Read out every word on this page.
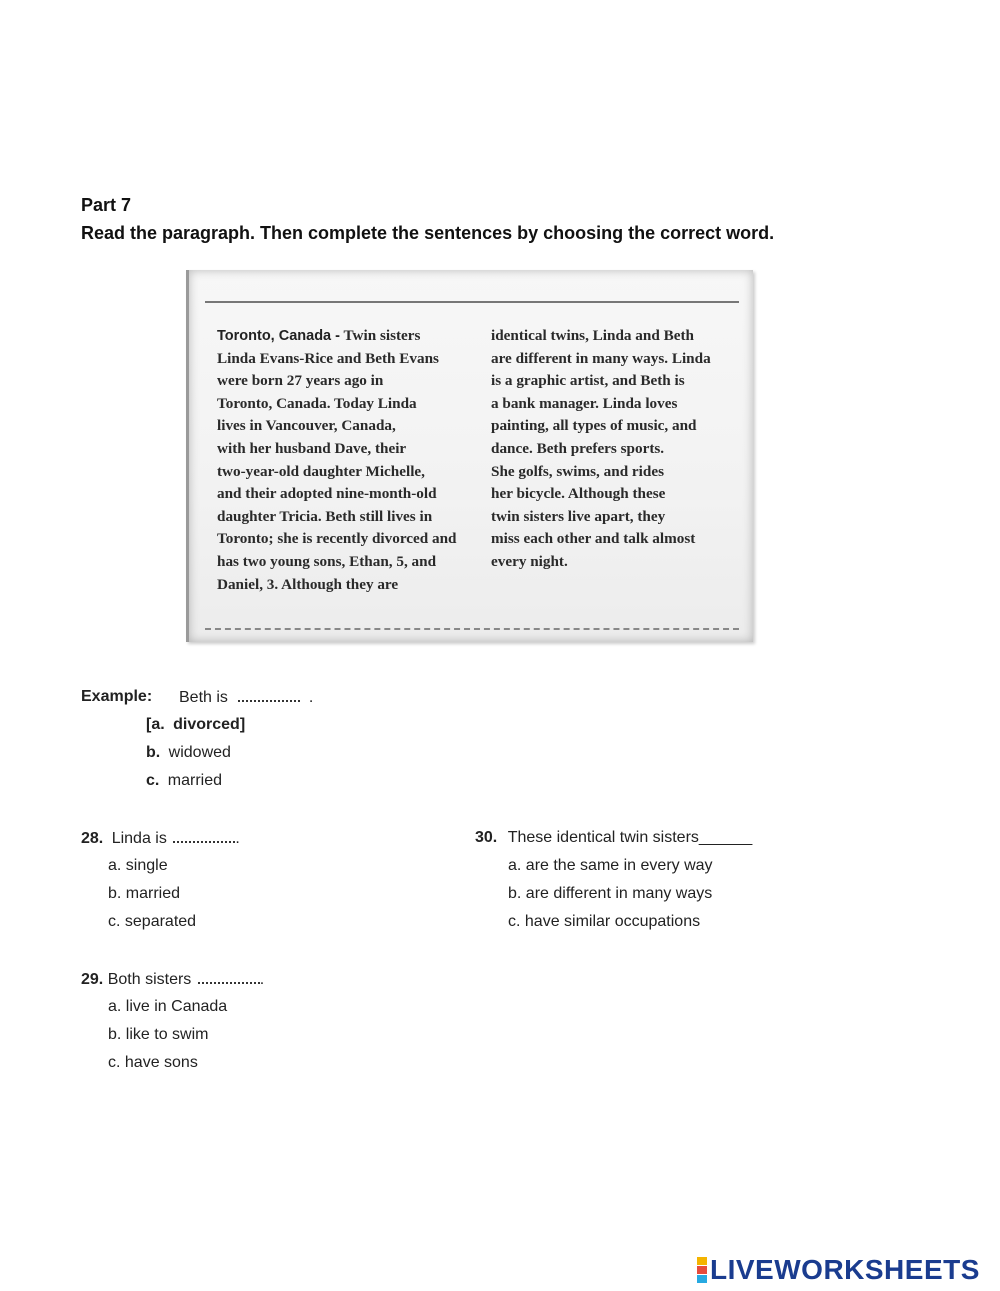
Part 7
Read the paragraph. Then complete the sentences by choosing the correct word.
Toronto, Canada - Twin sisters
Linda Evans-Rice and Beth Evans
were born 27 years ago in
Toronto, Canada. Today Linda
lives in Vancouver, Canada,
with her husband Dave, their
two-year-old daughter Michelle,
and their adopted nine-month-old
daughter Tricia. Beth still lives in
Toronto; she is recently divorced and
has two young sons, Ethan, 5, and
Daniel, 3. Although they are
identical twins, Linda and Beth
are different in many ways. Linda
is a graphic artist, and Beth is
a bank manager. Linda loves
painting, all types of music, and
dance. Beth prefers sports.
She golfs, swims, and rides
her bicycle. Although these
twin sisters live apart, they
miss each other and talk almost
every night.
Example: Beth is	.
[a. divorced]
b. widowed
c. married
28. Linda is	.
a. single
b. married
c. separated
29. Both sisters	.
a. live in Canada
b. like to swim
c. have sons
30. These identical twin sisters______
a. are the same in every way
b. are different in many ways
c. have similar occupations
LIVEWORKSHEETS
